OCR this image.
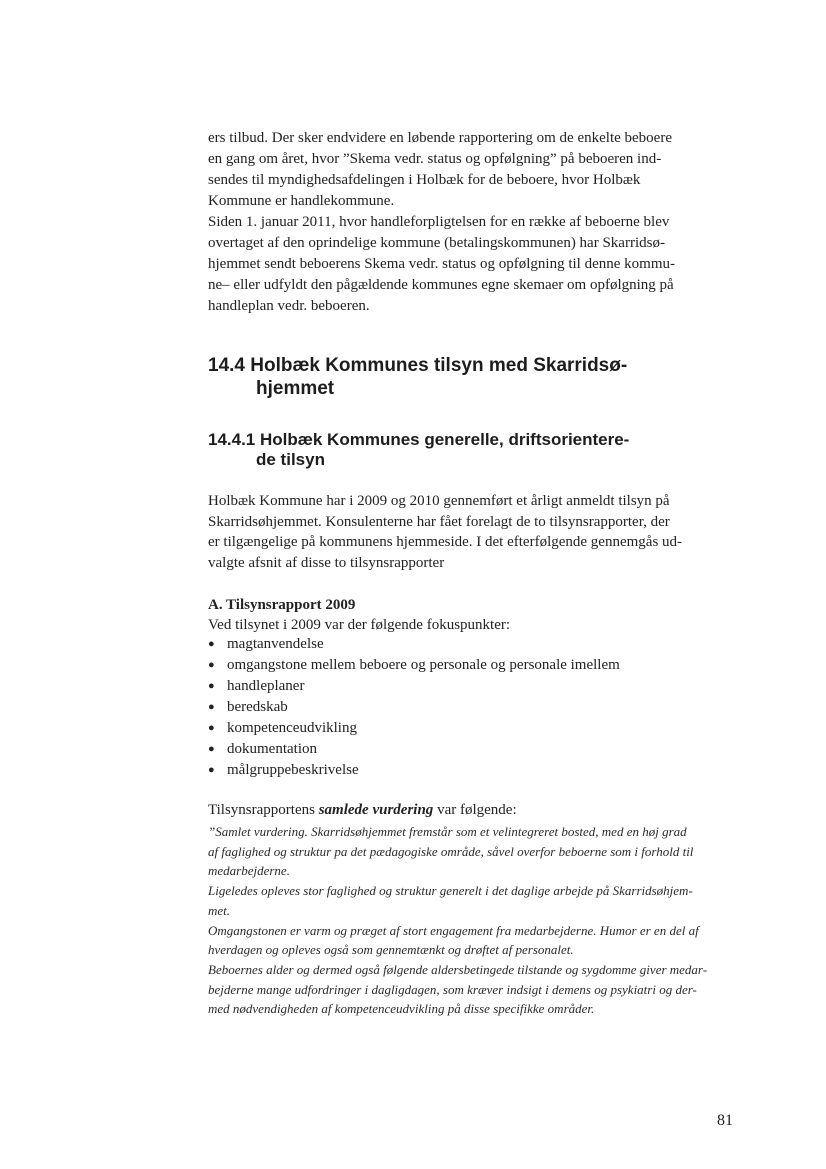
ers tilbud. Der sker endvidere en løbende rapportering om de enkelte beboere
en gang om året, hvor ”Skema vedr. status og opfølgning” på beboeren ind-
sendes til myndighedsafdelingen i Holbæk for de beboere, hvor Holbæk
Kommune er handlekommune.
Siden 1. januar 2011, hvor handleforpligtelsen for en række af beboerne blev
overtaget af den oprindelige kommune (betalingskommunen) har Skarridsø-
hjemmet sendt beboerens Skema vedr. status og opfølgning til denne kommu-
ne– eller udfyldt den pågældende kommunes egne skemaer om opfølgning på
handleplan vedr. beboeren.
14.4 Holbæk Kommunes tilsyn med Skarridsø-
hjemmet
14.4.1 Holbæk Kommunes generelle, driftsorientere-
de tilsyn
Holbæk Kommune har i 2009 og 2010 gennemført et årligt anmeldt tilsyn på
Skarridsøhjemmet. Konsulenterne har fået forelagt de to tilsynsrapporter, der
er tilgængelige på kommunens hjemmeside. I det efterfølgende gennemgås ud-
valgte afsnit af disse to tilsynsrapporter

A. Tilsynsrapport 2009

Ved tilsynet i 2009 var der følgende fokuspunkter:

● magtanvendelse
● omgangstone mellem beboere og personale og personale imellem
● handleplaner
● beredskab
● kompetenceudvikling
● dokumentation
● målgruppebeskrivelse

Tilsynsrapportens samlede vurdering var følgende:

”Samlet vurdering. Skarridsøhjemmet fremstår som et velintegreret bosted, med en høj grad
af faglighed og struktur pa det pædagogiske område, såvel overfor beboerne som i forhold til
medarbejderne.
Ligeledes opleves stor faglighed og struktur generelt i det daglige arbejde på Skarridsøhjem-
met.
Omgangstonen er varm og præget af stort engagement fra medarbejderne. Humor er en del af
hverdagen og opleves også som gennemtænkt og drøftet af personalet.
Beboernes alder og dermed også følgende aldersbetingede tilstande og sygdomme giver medar-
bejderne mange udfordringer i dagligdagen, som kræver indsigt i demens og psykiatri og der-
med nødvendigheden af kompetenceudvikling på disse specifikke områder.

81
